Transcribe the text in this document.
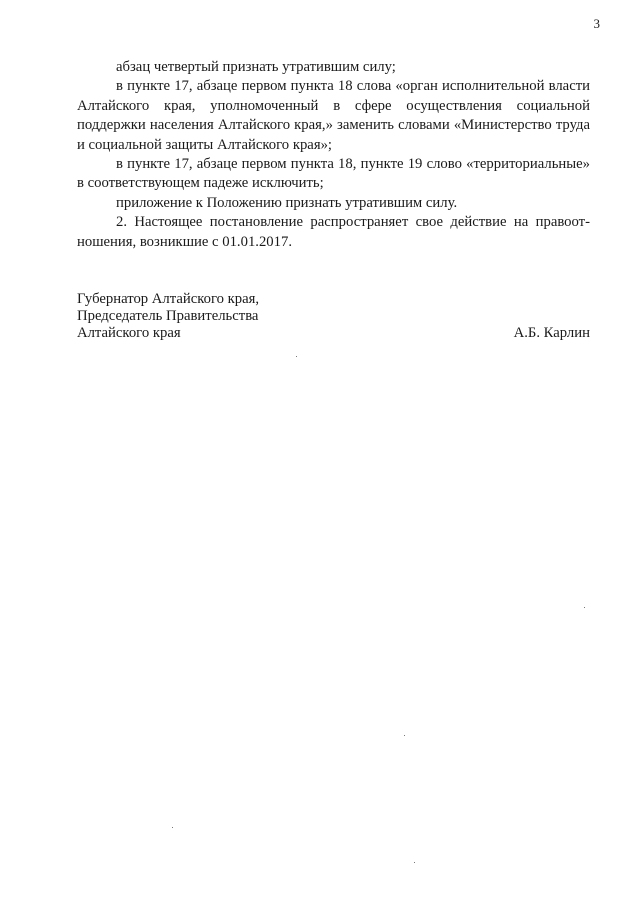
3

абзац четвертый признать утратившим силу;

в пункте 17, абзаце первом пункта 18 слова «орган исполнительной власти Алтайского края, уполномоченный в сфере осуществления социальной поддержки населения Алтайского края,» заменить словами «Министерство труда и социальной защиты Алтайского края»;

в пункте 17, абзаце первом пункта 18, пункте 19 слово «территориальные» в соответствующем падеже исключить;

приложение к Положению признать утратившим силу.

2. Настоящее постановление распространяет свое действие на правоотношения, возникшие с 01.01.2017.

Губернатор Алтайского края,
Председатель Правительства
Алтайского края	А.Б. Карлин
